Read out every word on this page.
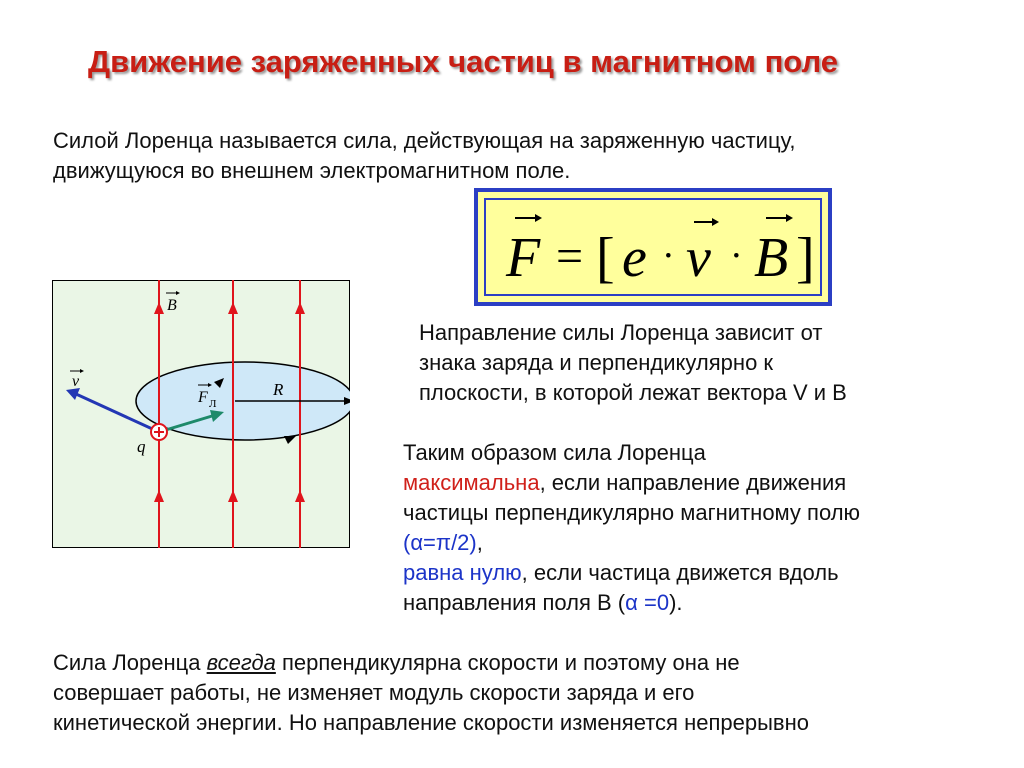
Движение заряженных частиц в магнитном поле
Силой Лоренца называется сила, действующая на заряженную частицу,
движущуюся во внешнем электромагнитном поле.
F = [ e · v · B ]
B
v
F Л
R
q
Направление силы Лоренца зависит от
знака заряда и перпендикулярно к
плоскости, в которой лежат вектора V и В
Таким образом сила Лоренца
максимальна, если направление движения
частицы перпендикулярно магнитному полю
(α=π/2),
равна нулю, если частица движется вдоль
направления поля В (α =0).
Сила Лоренца всегда перпендикулярна скорости и поэтому она не
совершает работы, не изменяет модуль скорости заряда и его
кинетической энергии. Но направление скорости изменяется непрерывно
